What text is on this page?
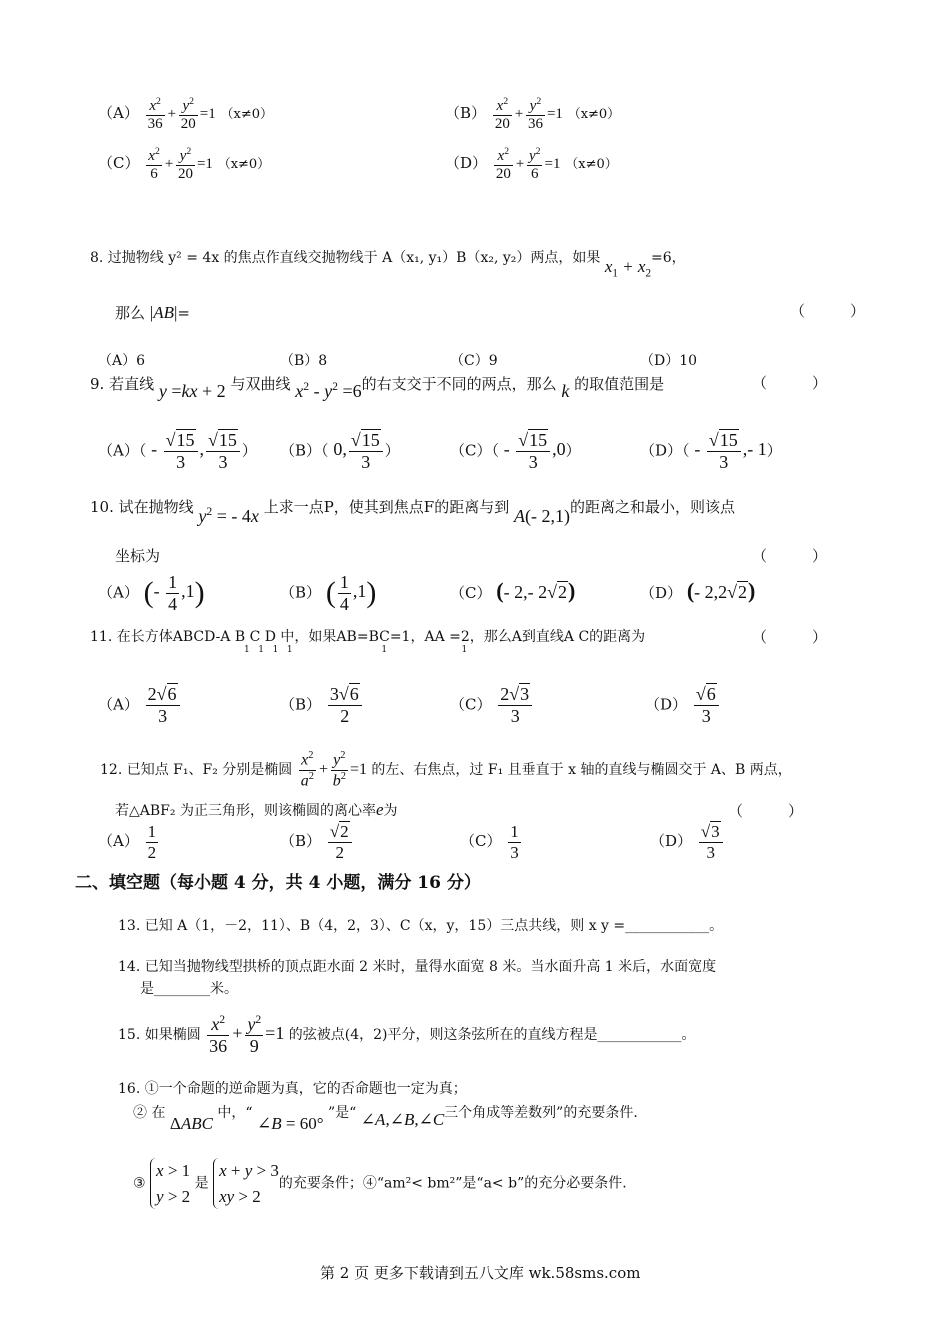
$(A) \frac{x^2}{36} + \frac{y^2}{20} =1$ （x≠0）	$(B) \frac{x^2}{20} + \frac{y^2}{36} =1$ （x≠0）
$(C) \frac{x^2}{6} + \frac{y^2}{20} =1$ （x≠0）	$(D) \frac{x^2}{20} + \frac{y^2}{6} =1$ （x≠0）
8. 过抛物线 y² = 4x 的焦点作直线交抛物线于 A（x₁, y₁）B（x₂, y₂）两点，如果 $x_1 + x_2=6$，
那么 |AB|=	（　　　）
（A）6	（B）8	（C）9	（D）10
9. 若直线 y =kx + 2 与双曲线 $x^2 - y^2 =6$的右支交于不同的两点，那么 k 的取值范围是	（　　　）
$(A)( - \frac{√15}{3}$ , $\frac{√15}{3}$ ） （B）（ 0, $\frac{√15}{3}$ ）	$(C)( - \frac{√15}{3} ,0)$	$(D)( - \frac{√15}{3}$ ,- 1）
10. 试在抛物线 $y^2$ = - 4x 上求一点P，使其到焦点F的距离与到 A(- 2,1)的距离之和最小，则该点
坐标为	（　　　）
（A） (- $\frac{1}{4} ,1$)	（B） ( $\frac{1}{4} ,1$)	（C） (- 2,- 2√2)	（D） (- 2,2√2)
11. 在长方体ABCD-A B C D 中，如果AB=BC=1，AA =2，那么A到直线A C的距离为
1   1   1   1                               1                          1
（　　　）
$(A) \frac{2√6}{3}$	$(B) \frac{3√6}{2}$	$(C) \frac{2√3}{3}$	$(D) \frac{√6}{3}$
12. 已知点 F₁、F₂ 分别是椭圆 $\frac{x^2}{a^2} + \frac{y^2}{b^2} =1$ 的左、右焦点，过 F₁ 且垂直于 x 轴的直线与椭圆交于 A、B 两点，
若△ABF₂ 为正三角形，则该椭圆的离心率e为	（　　　）
$(A) \frac{1}{2}$	$(B) \frac{√2}{2}$	$(C) \frac{1}{3}$	$(D) \frac{√3}{3}$
二、填空题（每小题 4 分，共 4 小题，满分 16 分）
13. 已知 A（1，－2，11）、B（4，2，3）、C（x，y，15）三点共线，则 x y =____________。
14. 已知当抛物线型拱桥的顶点距水面 2 米时，量得水面宽 8 米。当水面升高 1 米后，水面宽度
是________米。
15. 如果椭圆 $\frac{x^2}{36} + \frac{y^2}{9} =1$ 的弦被点(4，2)平分，则这条弦所在的直线方程是____________。
16. ①一个命题的逆命题为真，它的否命题也一定为真；
② 在 ΔABC 中，“ ∠B = 60° ”是“ ∠A,∠B,∠C三个角成等差数列”的充要条件.
③
x > 1
y > 2
是
x + y > 3
xy > 2
的充要条件；④“am²< bm²”是“a< b”的充分必要条件.
第 2 页 更多下载请到五八文库 wk.58sms.com
